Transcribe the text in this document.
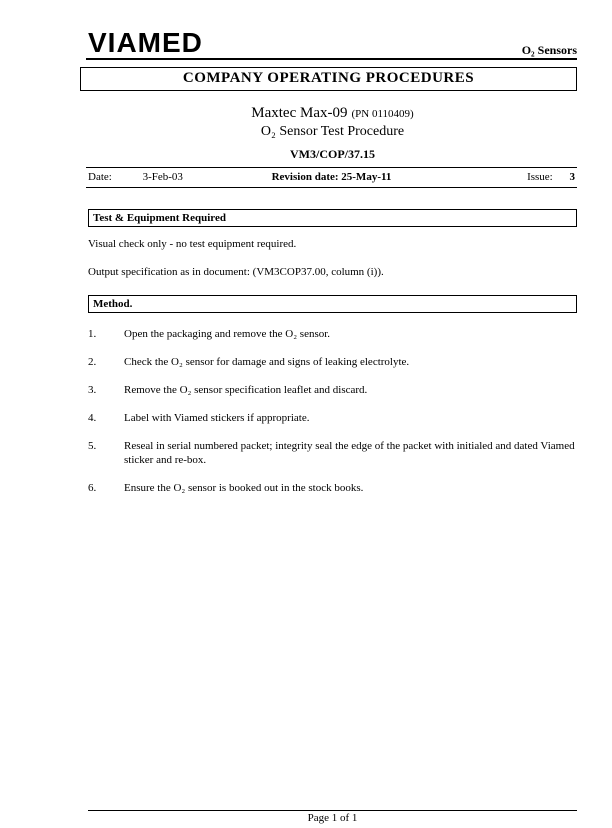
VIAMED	O₂ Sensors
COMPANY OPERATING PROCEDURES
Maxtec Max-09 (PN 0110409)
O₂ Sensor Test Procedure
VM3/COP/37.15
Date:	3-Feb-03	Revision date: 25-May-11	Issue: 3
Test & Equipment Required
Visual check only - no test equipment required.
Output specification as in document: (VM3COP37.00, column (i)).
Method.
1.	Open the packaging and remove the O₂ sensor.
2.	Check the O₂ sensor for damage and signs of leaking electrolyte.
3.	Remove the O₂ sensor specification leaflet and discard.
4.	Label with Viamed stickers if appropriate.
5.	Reseal in serial numbered packet; integrity seal the edge of the packet with initialed and dated Viamed sticker and re-box.
6.	Ensure the O₂ sensor is booked out in the stock books.
Page 1 of 1
